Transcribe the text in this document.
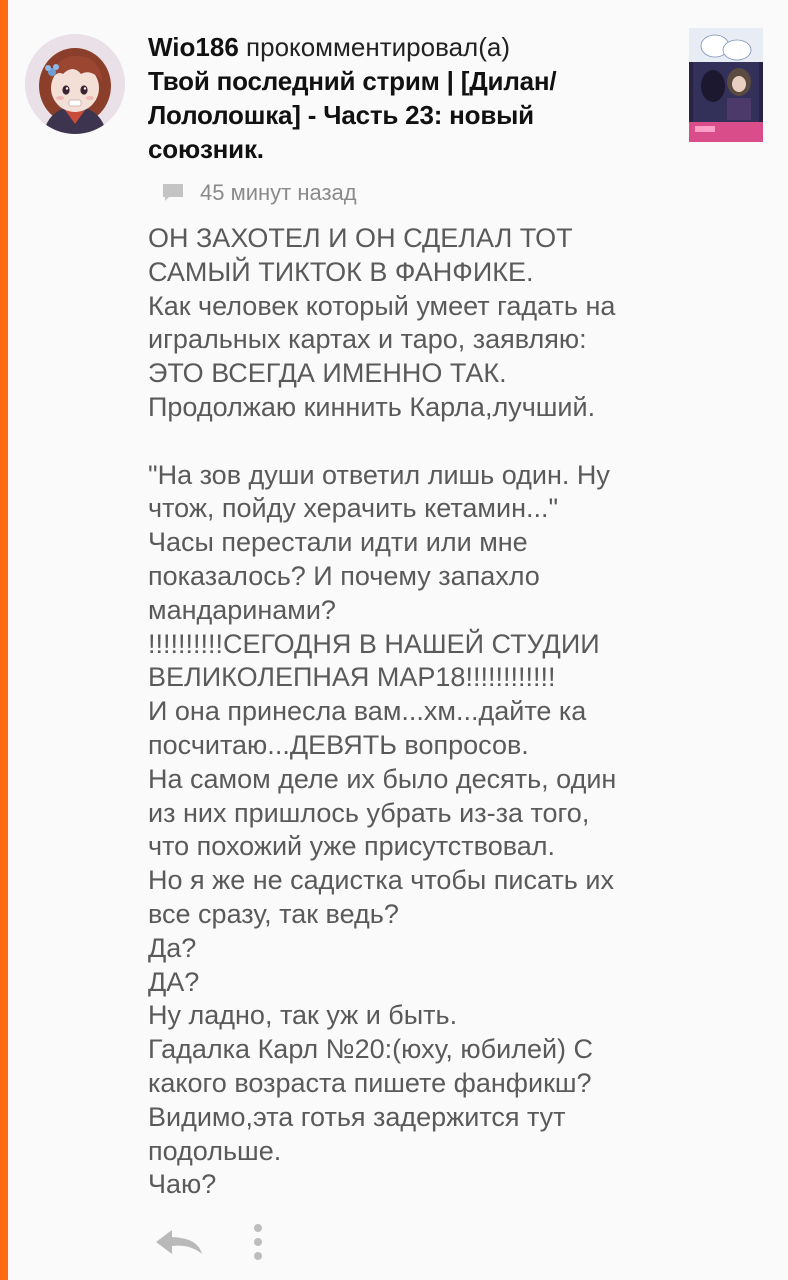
Wio186 прокомментировал(а)
Твой последний стрим | [Дилан/
Лололошка] - Часть 23: новый
союзник.
45 минут назад
ОН ЗАХОТЕЛ И ОН СДЕЛАЛ ТОТ
САМЫЙ ТИКТОК В ФАНФИКЕ.
Как человек который умеет гадать на
игральных картах и таро, заявляю:
ЭТО ВСЕГДА ИМЕННО ТАК.
Продолжаю киннить Карла,лучший.
"На зов души ответил лишь один. Ну
чтож, пойду херачить кетамин..."
Часы перестали идти или мне
показалось? И почему запахло
мандаринами?
!!!!!!!!!!СЕГОДНЯ В НАШЕЙ СТУДИИ
ВЕЛИКОЛЕПНАЯ МАР18!!!!!!!!!!!!
И она принесла вам...хм...дайте ка
посчитаю...ДЕВЯТЬ вопросов.
На самом деле их было десять, один
из них пришлось убрать из-за того,
что похожий уже присутствовал.
Но я же не садистка чтобы писать их
все сразу, так ведь?
Да?
ДА?
Ну ладно, так уж и быть.
Гадалка Карл №20:(юху, юбилей) С
какого возраста пишете фанфикш?
Видимо,эта готья задержится тут
подольше.
Чаю?
